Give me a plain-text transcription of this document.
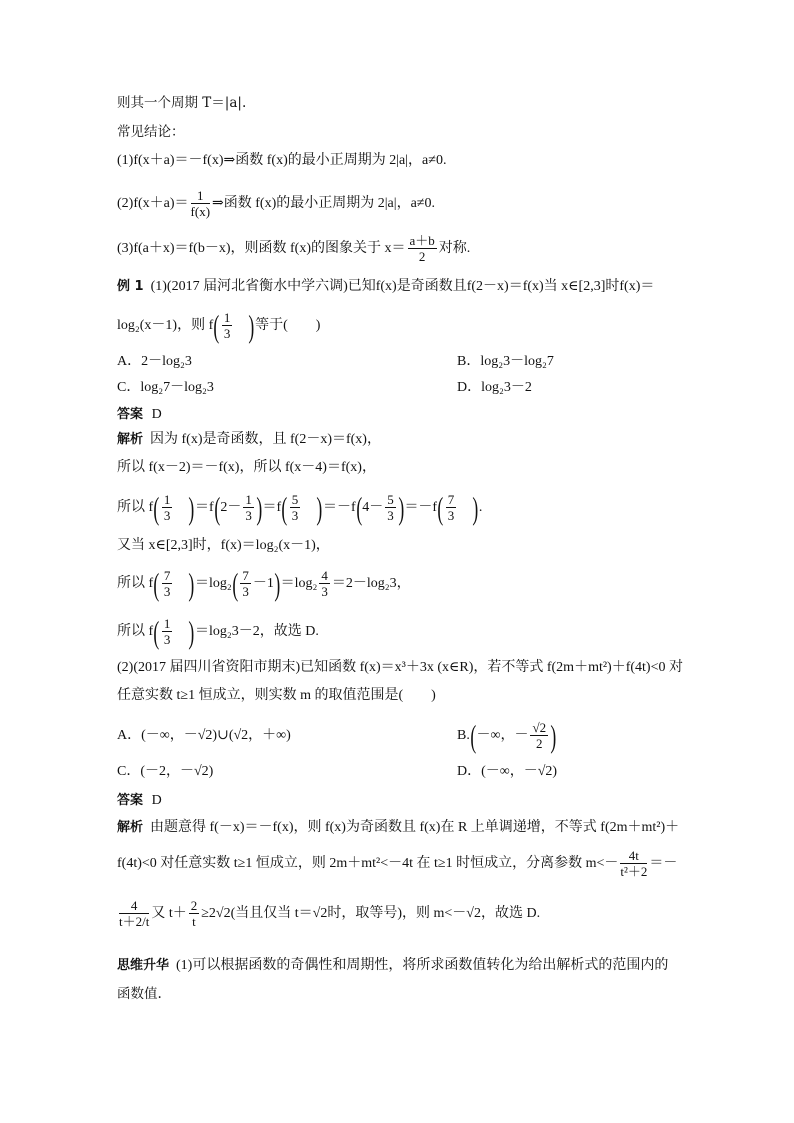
则其一个周期 T＝|a|.
常见结论：
(1)f(x＋a)＝－f(x)⇒函数 f(x)的最小正周期为 2|a|，a≠0.
$(2)f(x+a)= \frac{1}{f(x)}$ ⇒函数 f(x)的最小正周期为 2|a|，a≠0.
(3)f(a＋x)＝f(b－x)，则函数 f(x)的图象关于 $x= \frac{a+b}{2}$ 对称.
例 1 (1)(2017 届河北省衡水中学六调)已知f(x)是奇函数且f(2－x)＝f(x)当 x∈[2,3]时f(x)＝
log₂(x－1)，则 $f( \frac{1}{3}$ )等于(　　)
A．2－log₂3	B．log₂3－log₂7
C．log₂7－log₂3	D．log₂3－2
答案 D
解析 因为 f(x)是奇函数，且 f(2－x)＝f(x)，
所以 f(x－2)＝－f(x)，所以 f(x－4)＝f(x)，
所以 $f( \frac{1}{3} )=f(2- \frac{1}{3} )=f( \frac{5}{3} )=-f(4- \frac{5}{3} )=-f( \frac{7}{3}$ ).
又当 x∈[2,3]时，f(x)＝log₂(x－1)，
所以 $f( \frac{7}{3} )=\log_2( \frac{7}{3} -1)=\log_2 \frac{4}{3} =2-\log_23$，
所以 $f( \frac{1}{3} )=\log_23-2$，故选 D.
(2)(2017 届四川省资阳市期末)已知函数 f(x)＝x³＋3x (x∈R)，若不等式 f(2m＋mt²)＋f(4t)<0 对
任意实数 t≥1 恒成立，则实数 m 的取值范围是(　　)
A．(－∞，－√2)∪(√2，＋∞)	B.(－∞，－ $\frac{√2}{2}$ )
C．(－2，－√2)	D．(－∞，－√2)
答案 D
解析 由题意得 f(－x)＝－f(x)，则 f(x)为奇函数且 f(x)在 R 上单调递增，不等式 f(2m＋mt²)＋
f(4t)<0 对任意实数 t≥1 恒成立，则 2m＋mt²<－4t 在 t≥1 时恒成立，分离参数 $m<- \frac{4t}{\text{t²＋2}}$ ＝－
$\frac{4}{t+2/t}$ 又 $t+ \frac{2}{t} \ge 2√2$(当且仅当 t＝√2时，取等号)，则 m<－√2，故选 D.
思维升华 (1)可以根据函数的奇偶性和周期性，将所求函数值转化为给出解析式的范围内的
函数值.
